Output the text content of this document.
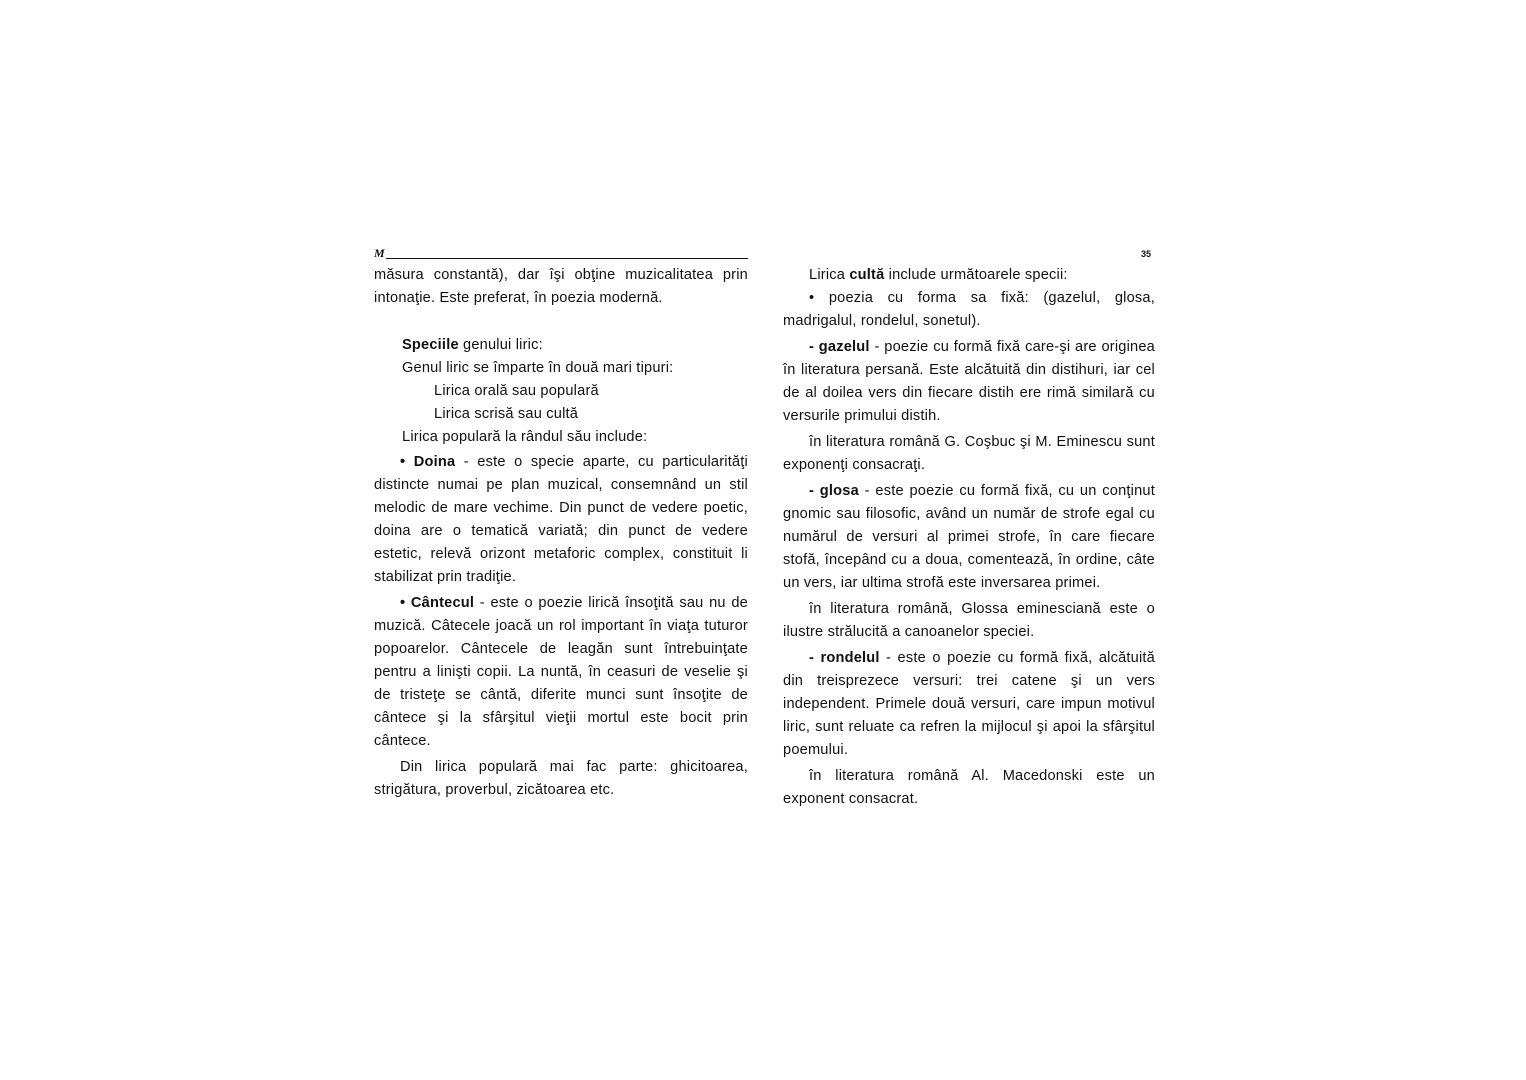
M

măsura constantă), dar îşi obţine muzicalitatea prin intonaţie. Este preferat, în poezia modernă.

Speciile genului liric:

Genul liric se împarte în două mari tipuri:

Lirica orală sau populară

Lirica scrisă sau cultă

Lirica populară la rândul său include:

• Doina - este o specie aparte, cu particularităţi distincte numai pe plan muzical, consemnând un stil melodic de mare vechime. Din punct de vedere poetic, doina are o tematică variată; din punct de vedere estetic, relevă orizont metaforic complex, constituit li stabilizat prin tradiţie.

• Cântecul - este o poezie lirică însoţită sau nu de muzică. Câtecele joacă un rol important în viaţa tuturor popoarelor. Cântecele de leagăn sunt întrebuinţate pentru a linişti copii. La nuntă, în ceasuri de veselie şi de tristeţe se cântă, diferite munci sunt însoţite de cântece şi la sfârşitul vieţii mortul este bocit prin cântece.

Din lirica populară mai fac parte: ghicitoarea, strigătura, proverbul, zicătoarea etc.

35

Lirica cultă include următoarele specii:

• poezia cu forma sa fixă: (gazelul, glosa, madrigalul, rondelul, sonetul).

- gazelul - poezie cu formă fixă care-şi are originea în literatura persană. Este alcătuită din distihuri, iar cel de al doilea vers din fiecare distih ere rimă similară cu versurile primului distih.

în literatura română G. Coşbuc şi M. Eminescu sunt exponenţi consacraţi.

- glosa - este poezie cu formă fixă, cu un conţinut gnomic sau filosofic, având un număr de strofe egal cu numărul de versuri al primei strofe, în care fiecare stofă, începând cu a doua, comentează, în ordine, câte un vers, iar ultima strofă este inversarea primei.

în literatura română, Glossa eminesciană este o ilustre strălucită a canoanelor speciei.

- rondelul - este o poezie cu formă fixă, alcătuită din treisprezece versuri: trei catene şi un vers independent. Primele două versuri, care impun motivul liric, sunt reluate ca refren la mijlocul şi apoi la sfârşitul poemului.

în literatura română Al. Macedonski este un exponent consacrat.
